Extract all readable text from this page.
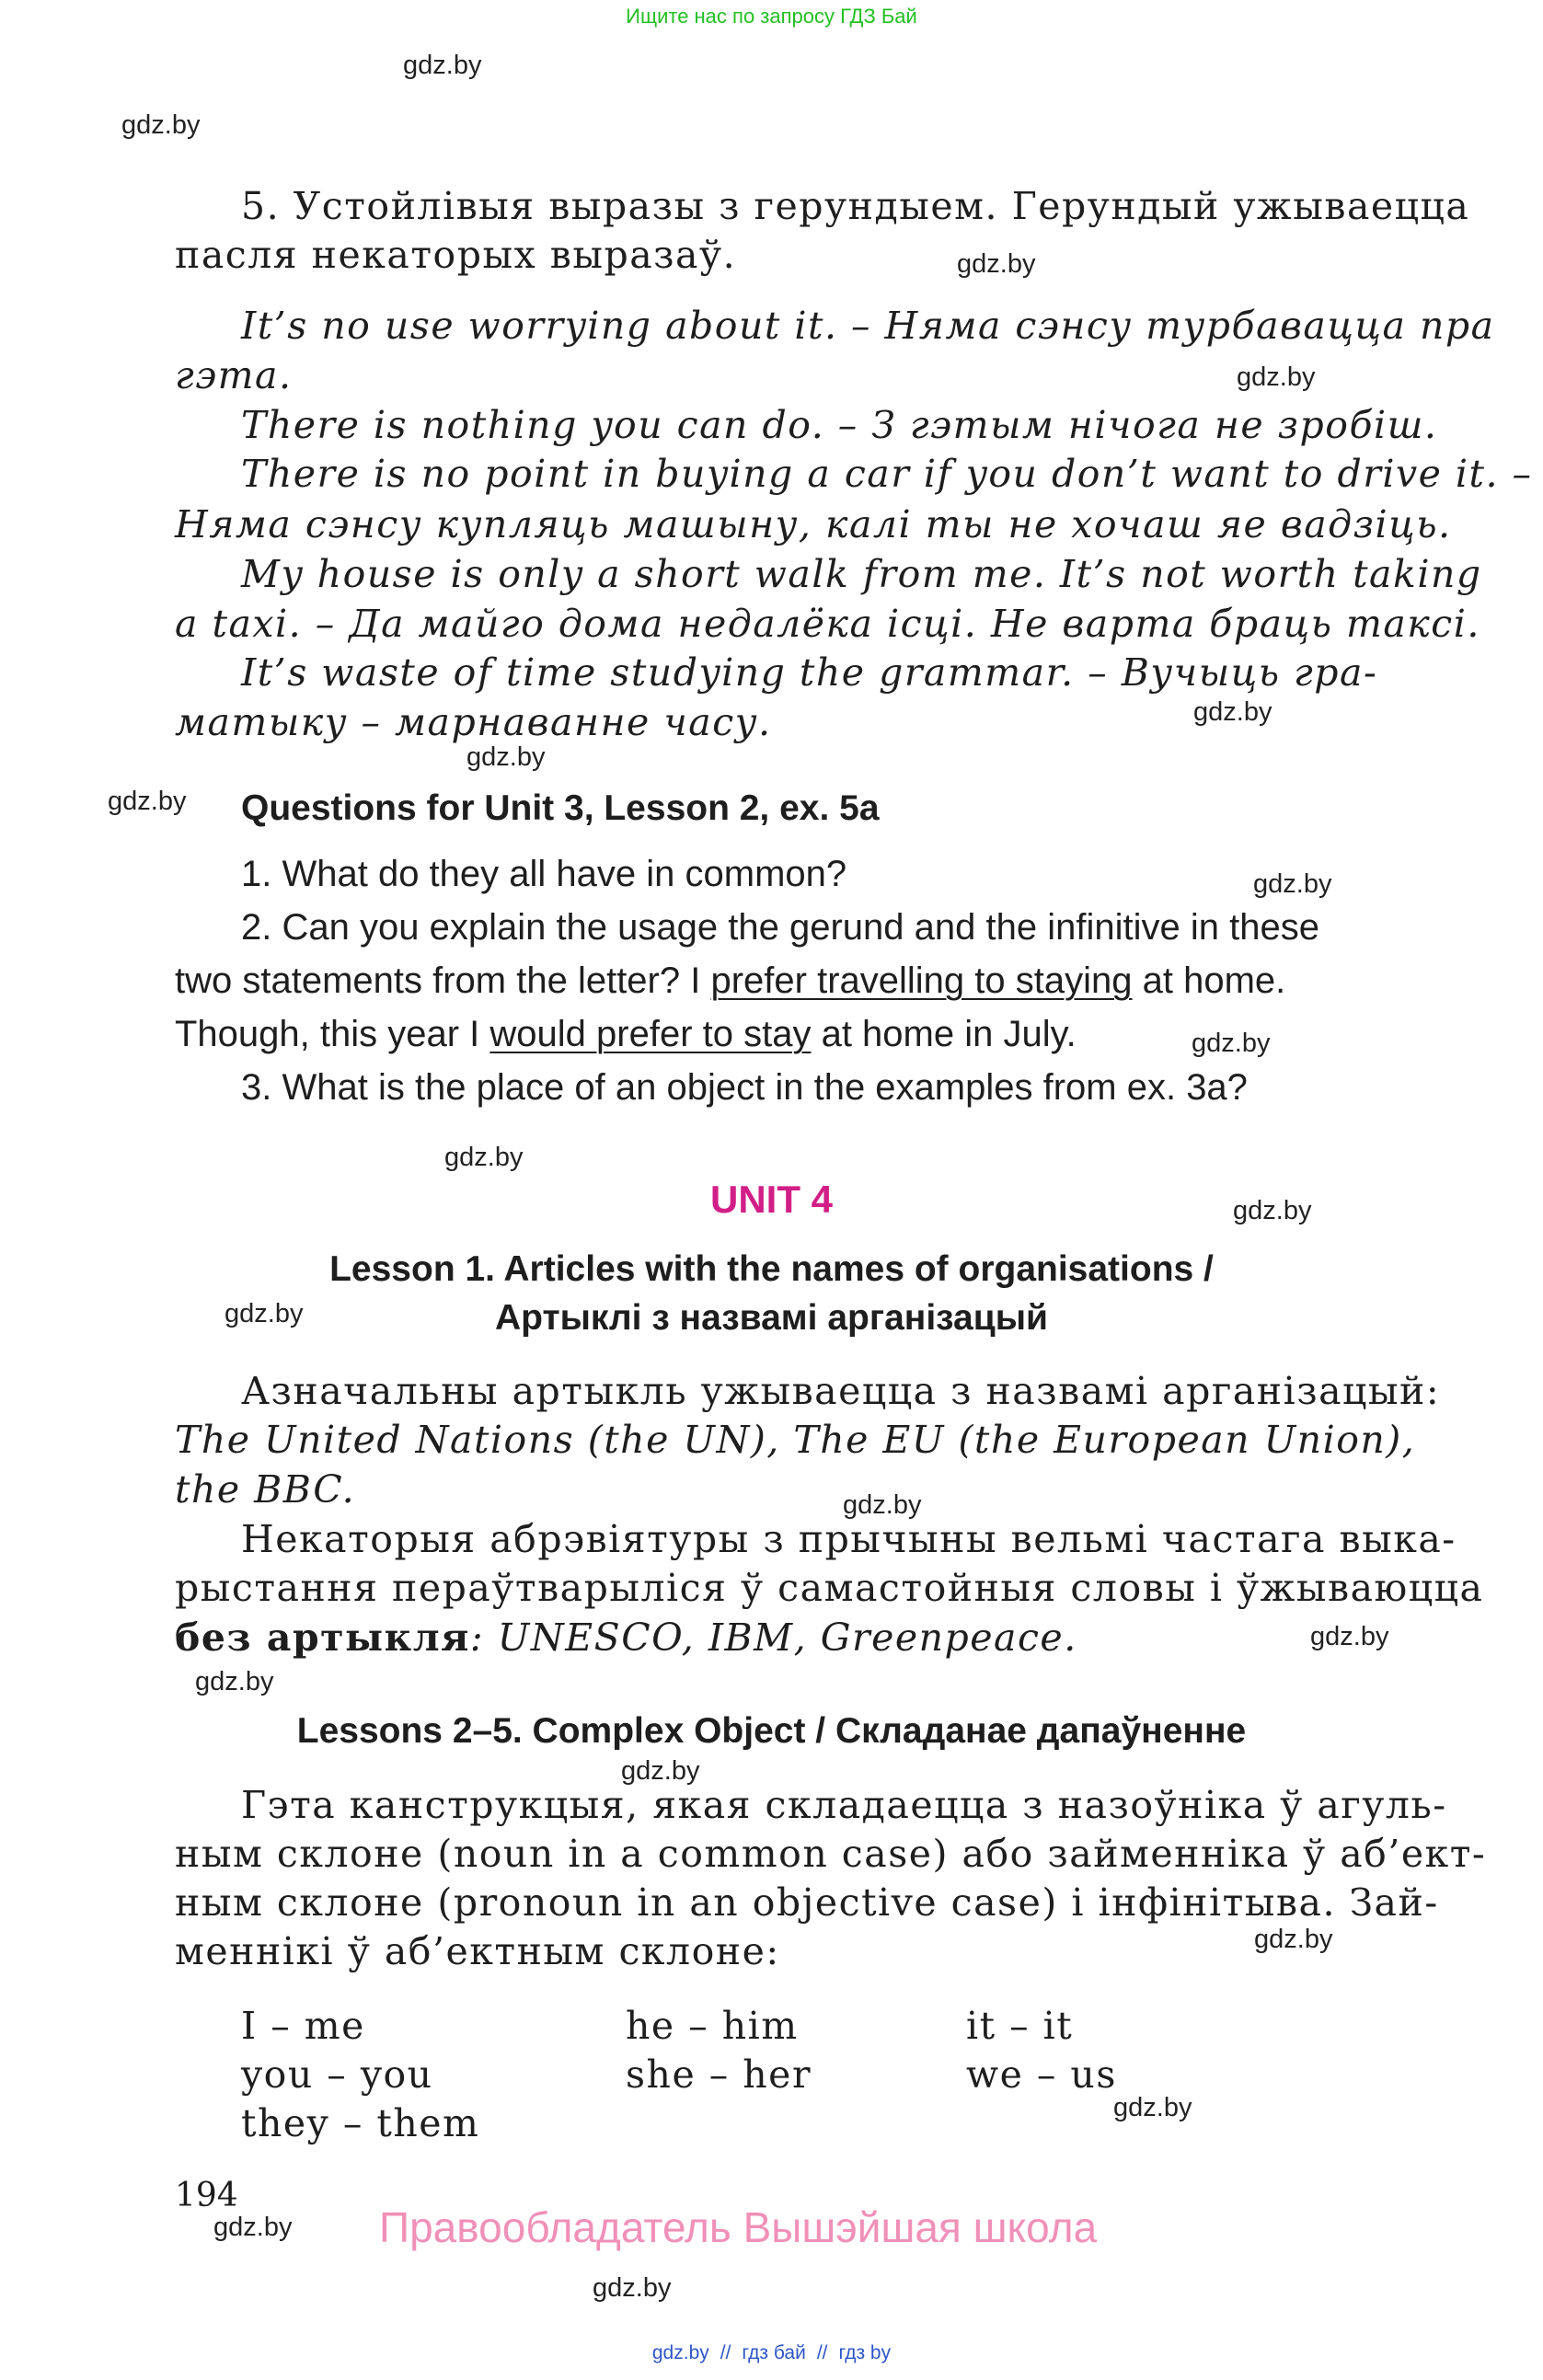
Ищите нас по запросу ГДЗ Бай
gdz.by
gdz.by
gdz.by
gdz.by
gdz.by
gdz.by
gdz.by
gdz.by
gdz.by
gdz.by
gdz.by
gdz.by
gdz.by
gdz.by
gdz.by
gdz.by
gdz.by
gdz.by
gdz.by
gdz.by
5. Устойлівыя выразы з герундыем. Герундый ужываецца
пасля некаторых выразаў.
It’s no use worrying about it. – Няма сэнсу турбавацца пра
гэта.
There is nothing you can do. – З гэтым нічога не зробіш.
There is no point in buying a car if you don’t want to drive it. –
Няма сэнсу купляць машыну, калі ты не хочаш яе вадзіць.
My house is only a short walk from me. It’s not worth taking
a taxi. – Да майго дома недалёка ісці. Не варта браць таксі.
It’s waste of time studying the grammar. – Вучыць гра-
матыку – марнаванне часу.
Questions for Unit 3, Lesson 2, ex. 5a
1. What do they all have in common?
2. Can you explain the usage the gerund and the infinitive in these
two statements from the letter? I prefer travelling to staying at home.
Though, this year I would prefer to stay at home in July.
3. What is the place of an object in the examples from ex. 3a?
UNIT 4
Lesson 1. Articles with the names of organisations /
Артыклі з назвамі арганізацый
Азначальны артыкль ужываецца з назвамі арганізацый:
The United Nations (the UN), The EU (the European Union),
the BBC.
Некаторыя абрэвіятуры з прычыны вельмі частага выка-
рыстання пераўтварыліся ў самастойныя словы і ўжываюцца
без артыкля: UNESCO, IBM, Greenpeace.
Lessons 2–5. Complex Object / Складанае дапаўненне
Гэта канструкцыя, якая складаецца з назоўніка ў агуль-
ным склоне (noun in a common case) або займенніка ў аб’ект-
ным склоне (pronoun in an objective case) і інфінітыва. Зай-
меннікі ў аб’ектным склоне:
I – me
you – you
they – them
he – him
she – her
it – it
we – us
194
Правообладатель Вышэйшая школа
gdz.by // гдз бай // гдз by
